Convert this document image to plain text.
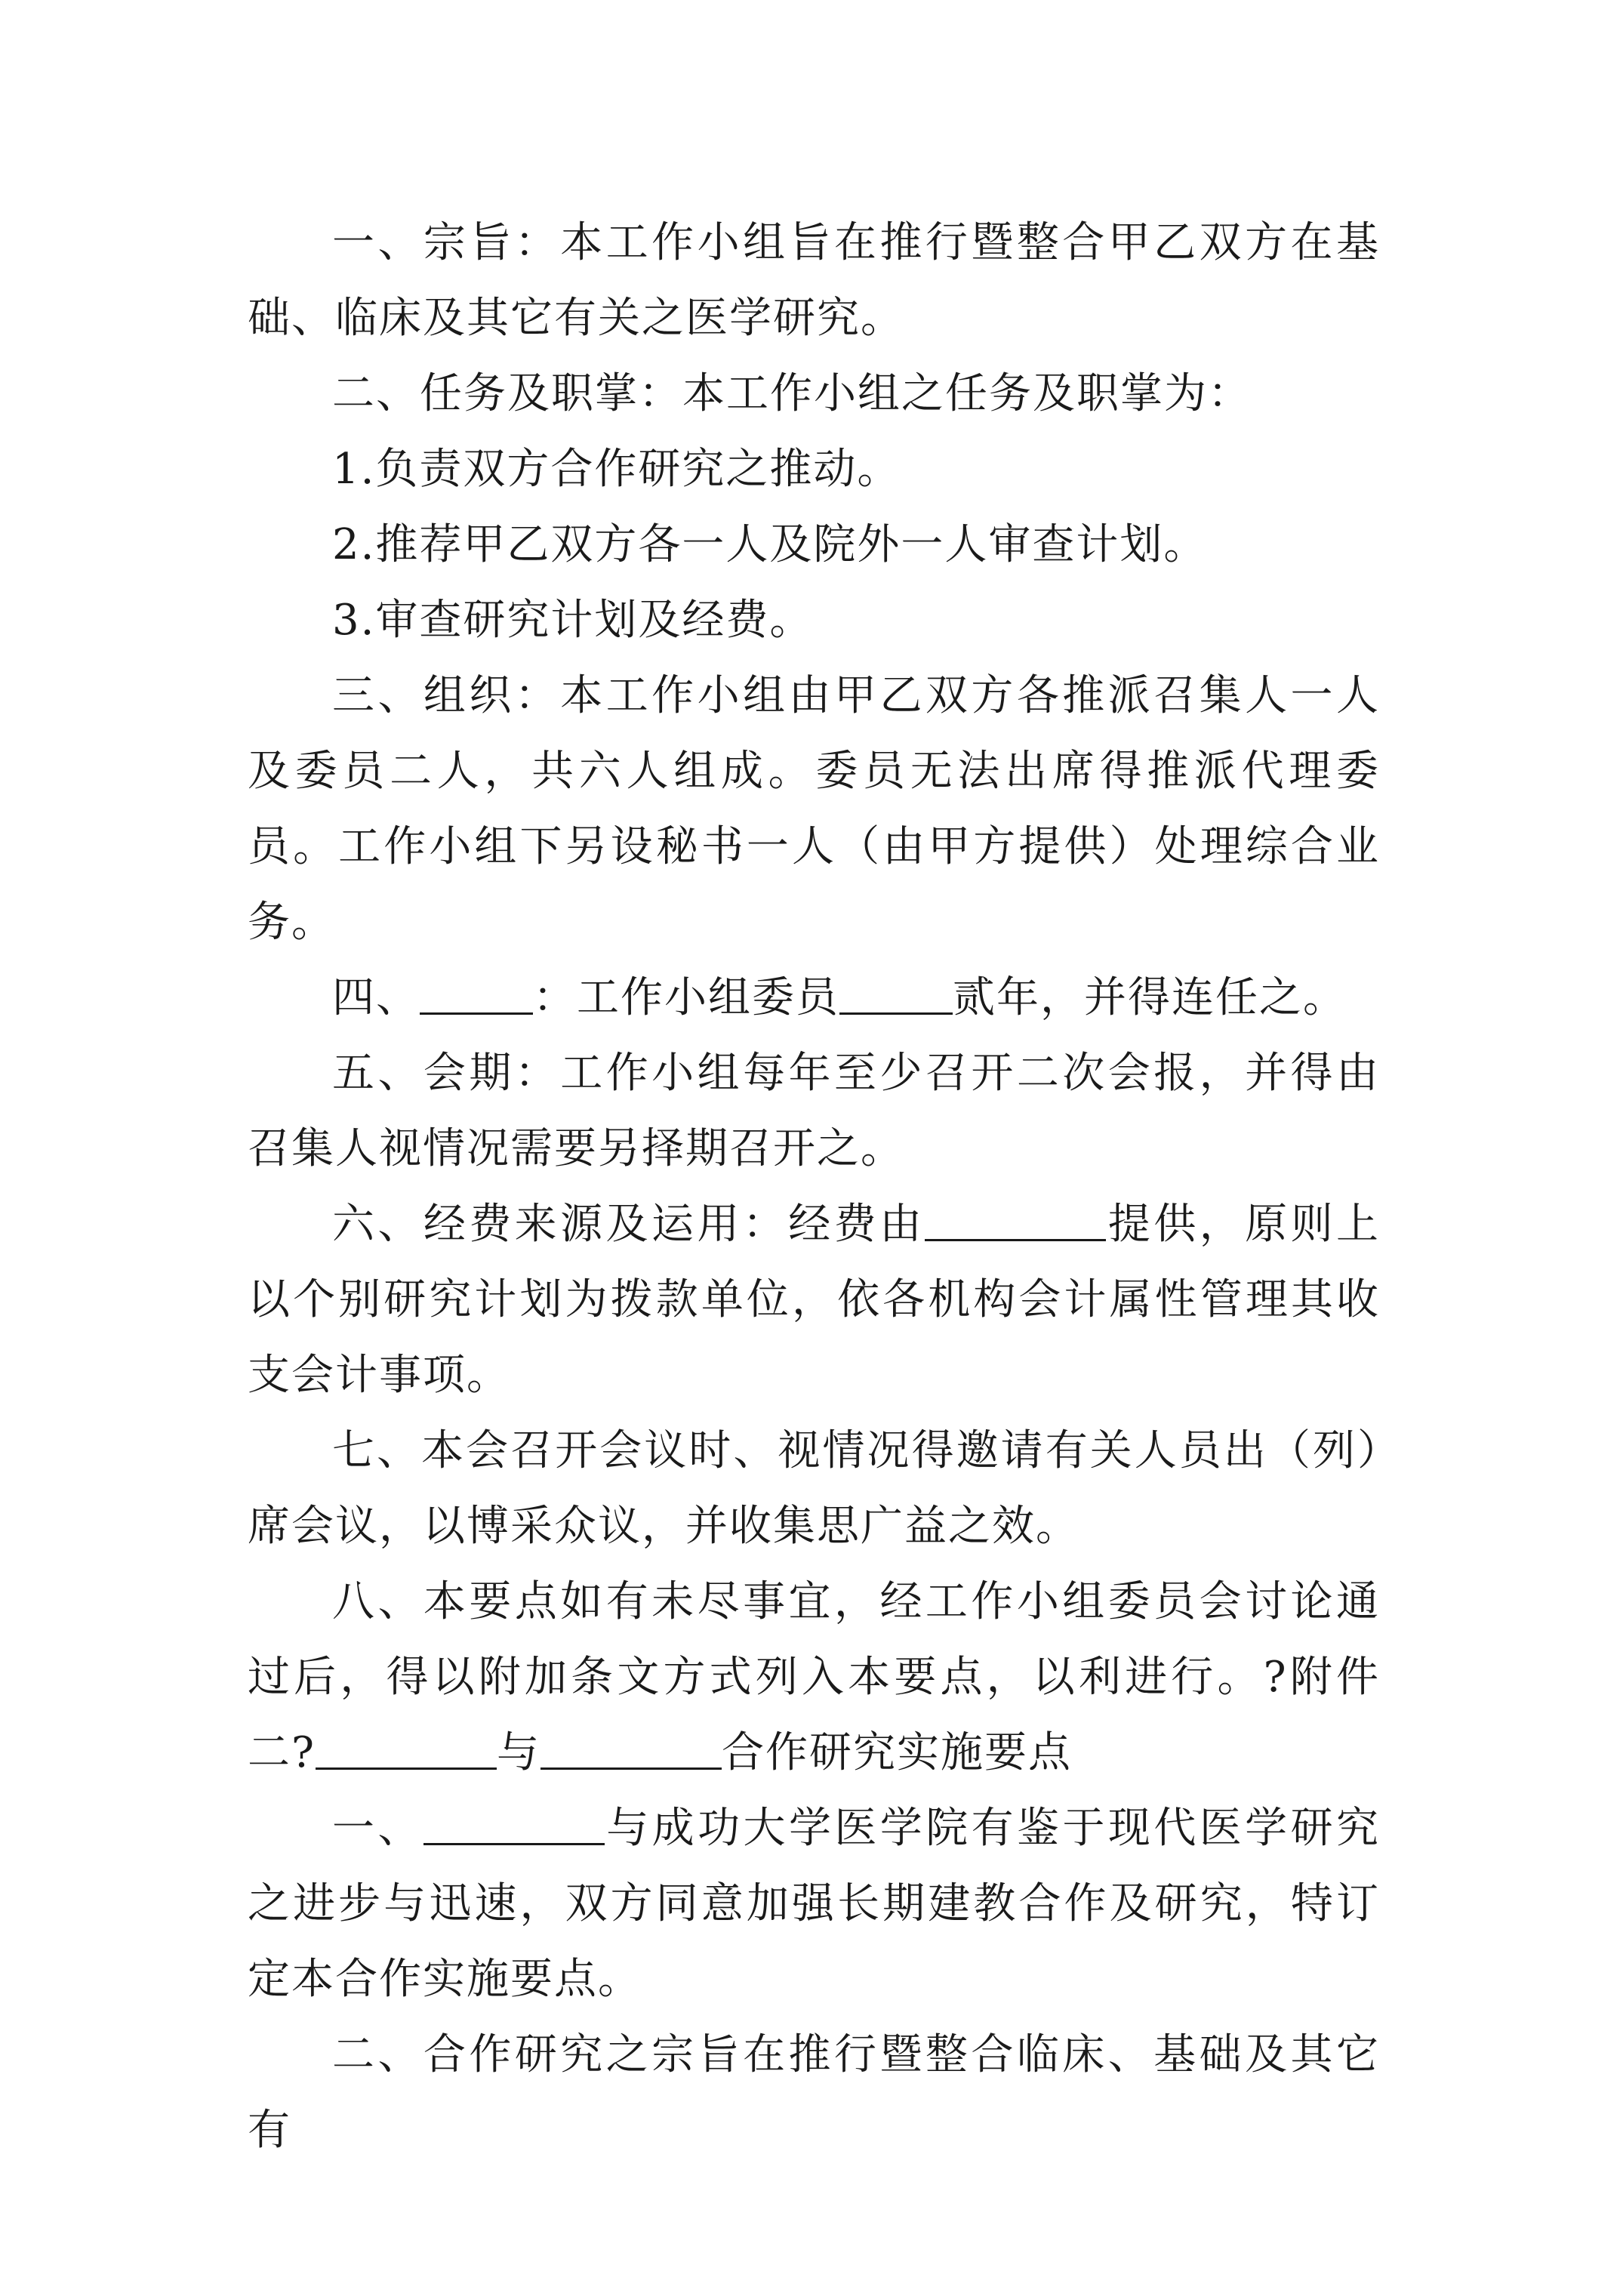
一、宗旨：本工作小组旨在推行暨整合甲乙双方在基础、临床及其它有关之医学研究。

二、任务及职掌：本工作小组之任务及职掌为：

1.负责双方合作研究之推动。

2.推荐甲乙双方各一人及院外一人审查计划。

3.审查研究计划及经费。

三、组织：本工作小组由甲乙双方各推派召集人一人及委员二人，共六人组成。委员无法出席得推派代理委员。工作小组下另设秘书一人（由甲方提供）处理综合业务。

四、	：工作小组委员	贰年，并得连任之。

五、会期：工作小组每年至少召开二次会报，并得由召集人视情况需要另择期召开之。

六、经费来源及运用：经费由	提供，原则上以个别研究计划为拨款单位，依各机构会计属性管理其收支会计事项。

七、本会召开会议时、视情况得邀请有关人员出（列）席会议，以博采众议，并收集思广益之效。

八、本要点如有未尽事宜，经工作小组委员会讨论通过后，得以附加条文方式列入本要点，以利进行。?附件二?	与	合作研究实施要点

一、	与成功大学医学院有鉴于现代医学研究之进步与迅速，双方同意加强长期建教合作及研究，特订定本合作实施要点。

二、合作研究之宗旨在推行暨整合临床、基础及其它有
